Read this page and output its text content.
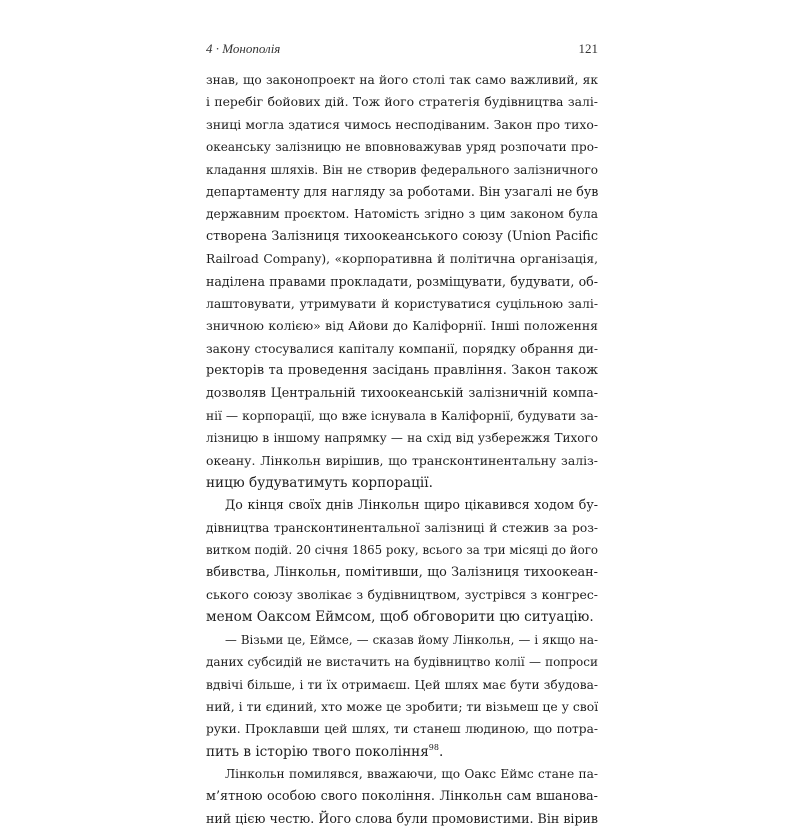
4 · Монополія	121
знав, що законопроект на його столі так само важливий, як
і перебіг бойових дій. Тож його стратегія будівництва залі-
зниці могла здатися чимось несподіваним. Закон про тихо-
океанську залізницю не вповноважував уряд розпочати про-
кладання шляхів. Він не створив федерального залізничного
департаменту для нагляду за роботами. Він узагалі не був
державним проєктом. Натомість згідно з цим законом була
створена Залізниця тихоокеанського союзу (Union Pacific
Railroad Company), «корпоративна й політична організація,
наділена правами прокладати, розміщувати, будувати, об-
лаштовувати, утримувати й користуватися суцільною залі-
зничною колією» від Айови до Каліфорнії. Інші положення
закону стосувалися капіталу компанії, порядку обрання ди-
ректорів та проведення засідань правління. Закон також
дозволяв Центральній тихоокеанській залізничній компа-
нії — корпорації, що вже існувала в Каліфорнії, будувати за-
лізницю в іншому напрямку — на схід від узбережжя Тихого
океану. Лінкольн вирішив, що трансконтинентальну заліз-
ницю будуватимуть корпорації.
До кінця своїх днів Лінкольн щиро цікавився ходом бу-
дівництва трансконтинентальної залізниці й стежив за роз-
витком подій. 20 січня 1865 року, всього за три місяці до його
вбивства, Лінкольн, помітивши, що Залізниця тихоокеан-
ського союзу зволікає з будівництвом, зустрівся з конгрес-
меном Оаксом Еймсом, щоб обговорити цю ситуацію.
— Візьми це, Еймсе, — сказав йому Лінкольн, — і якщо на-
даних субсидій не вистачить на будівництво колії — попроси
вдвічі більше, і ти їх отримаєш. Цей шлях має бути збудова-
ний, і ти єдиний, хто може це зробити; ти візьмеш це у свої
руки. Проклавши цей шлях, ти станеш людиною, що потра-
пить в історію твого покоління$^{98}$.
Лінкольн помилявся, вважаючи, що Оакс Еймс стане па-
м’ятною особою свого покоління. Лінкольн сам вшанова-
ний цією честю. Його слова були промовистими. Він вірив
